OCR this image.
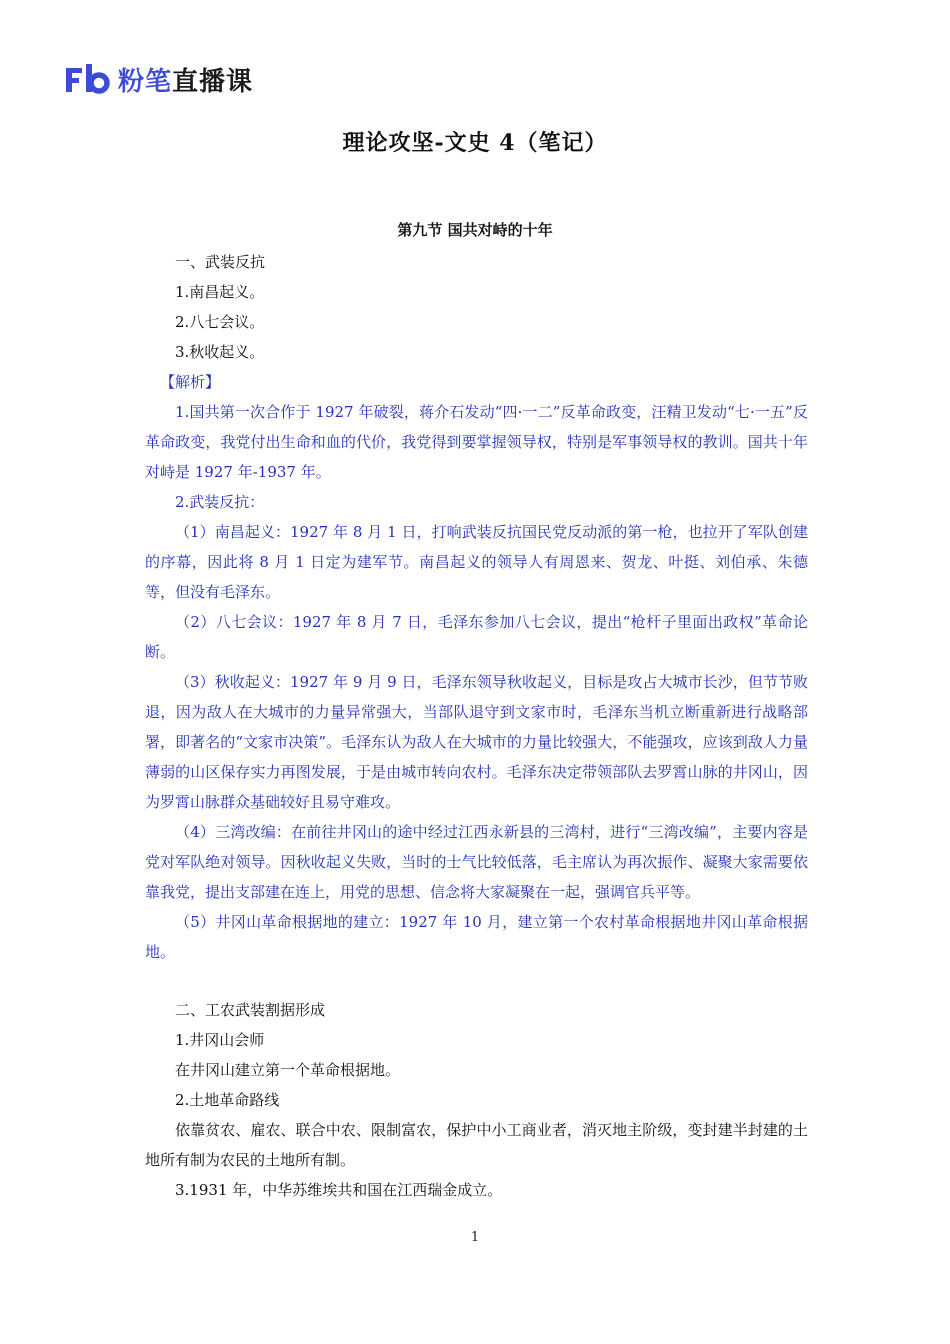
粉笔直播课
理论攻坚-文史 4（笔记）
第九节 国共对峙的十年
一、武装反抗
1.南昌起义。
2.八七会议。
3.秋收起义。
【解析】
1.国共第一次合作于 1927 年破裂，蒋介石发动“四·一二”反革命政变，汪精卫发动“七·一五”反革命政变，我党付出生命和血的代价，我党得到要掌握领导权，特别是军事领导权的教训。国共十年对峙是 1927 年-1937 年。
2.武装反抗：
（1）南昌起义：1927 年 8 月 1 日，打响武装反抗国民党反动派的第一枪，也拉开了军队创建的序幕，因此将 8 月 1 日定为建军节。南昌起义的领导人有周恩来、贺龙、叶挺、刘伯承、朱德等，但没有毛泽东。
（2）八七会议：1927 年 8 月 7 日，毛泽东参加八七会议，提出“枪杆子里面出政权”革命论断。
（3）秋收起义：1927 年 9 月 9 日，毛泽东领导秋收起义，目标是攻占大城市长沙，但节节败退，因为敌人在大城市的力量异常强大，当部队退守到文家市时，毛泽东当机立断重新进行战略部署，即著名的“文家市决策”。毛泽东认为敌人在大城市的力量比较强大，不能强攻，应该到敌人力量薄弱的山区保存实力再图发展，于是由城市转向农村。毛泽东决定带领部队去罗霄山脉的井冈山，因为罗霄山脉群众基础较好且易守难攻。
（4）三湾改编：在前往井冈山的途中经过江西永新县的三湾村，进行“三湾改编”，主要内容是党对军队绝对领导。因秋收起义失败，当时的士气比较低落，毛主席认为再次振作、凝聚大家需要依靠我党，提出支部建在连上，用党的思想、信念将大家凝聚在一起，强调官兵平等。
（5）井冈山革命根据地的建立：1927 年 10 月，建立第一个农村革命根据地井冈山革命根据地。
二、工农武装割据形成
1.井冈山会师
在井冈山建立第一个革命根据地。
2.土地革命路线
依靠贫农、雇农、联合中农、限制富农，保护中小工商业者，消灭地主阶级，变封建半封建的土地所有制为农民的土地所有制。
3.1931 年，中华苏维埃共和国在江西瑞金成立。
1
